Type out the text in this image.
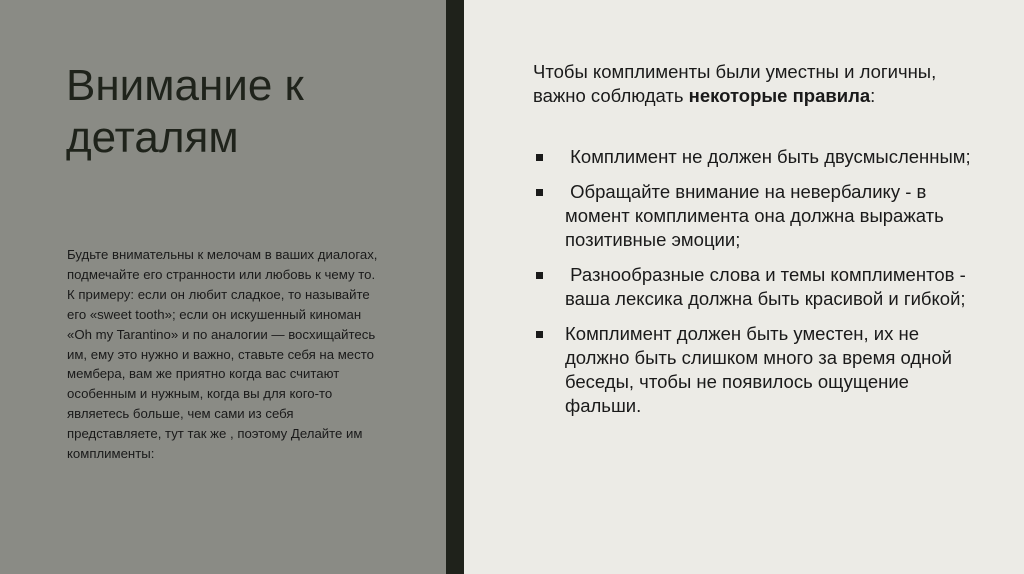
Внимание к деталям

Будьте внимательны к мелочам в ваших диалогах, подмечайте его странности или любовь к чему то. К примеру: если он любит сладкое, то называйте его «sweet tooth»; если он искушенный киноман «Oh my Tarantino» и по аналогии — восхищайтесь им, ему это нужно и важно, ставьте себя на место мембера, вам же приятно когда вас считают особенным и нужным, когда вы для кого-то являетесь больше, чем сами из себя представляете, тут так же , поэтому Делайте им комплименты:

Чтобы комплименты были уместны и логичны, важно соблюдать некоторые правила:

Комплимент не должен быть двусмысленным;
Обращайте внимание на невербалику - в момент комплимента она должна выражать позитивные эмоции;
Разнообразные слова и темы комплиментов - ваша лексика должна быть красивой и гибкой;
Комплимент должен быть уместен, их не должно быть слишком много за время одной беседы, чтобы не появилось ощущение фальши.
